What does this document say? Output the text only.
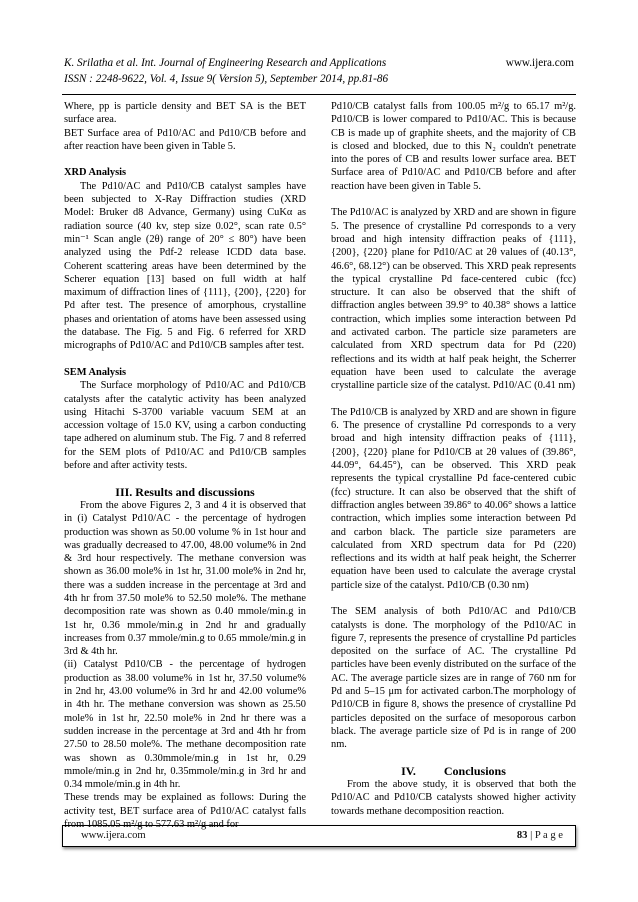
K. Srilatha et al. Int. Journal of Engineering Research and Applications
ISSN : 2248-9622, Vol. 4, Issue 9( Version 5), September 2014, pp.81-86
www.ijera.com

Where, pp is particle density and BET SA is the BET surface area.

BET Surface area of Pd10/AC and Pd10/CB before and after reaction have been given in Table 5.

XRD Analysis

The Pd10/AC and Pd10/CB catalyst samples have been subjected to X-Ray Diffraction studies (XRD Model: Bruker d8 Advance, Germany) using CuKα as radiation source (40 kv, step size 0.02°, scan rate 0.5° min⁻¹ Scan angle (2θ) range of 20° ≤ 80°) have been analyzed using the Pdf-2 release ICDD data base. Coherent scattering areas have been determined by the Scherer equation [13] based on full width at half maximum of diffraction lines of {111}, {200}, {220} for Pd after test. The presence of amorphous, crystalline phases and orientation of atoms have been assessed using the database. The Fig. 5 and Fig. 6 referred for XRD micrographs of Pd10/AC and Pd10/CB samples after test.

SEM Analysis

The Surface morphology of Pd10/AC and Pd10/CB catalysts after the catalytic activity has been analyzed using Hitachi S-3700 variable vacuum SEM at an accession voltage of 15.0 KV, using a carbon conducting tape adhered on aluminum stub. The Fig. 7 and 8 referred for the SEM plots of Pd10/AC and Pd10/CB samples before and after activity tests.

III. Results and discussions

From the above Figures 2, 3 and 4 it is observed that in (i) Catalyst Pd10/AC - the percentage of hydrogen production was shown as 50.00 volume % in 1st hour and was gradually decreased to 47.00, 48.00 volume% in 2nd & 3rd hour respectively. The methane conversion was shown as 36.00 mole% in 1st hr, 31.00 mole% in 2nd hr, there was a sudden increase in the percentage at 3rd and 4th hr from 37.50 mole% to 52.50 mole%. The methane decomposition rate was shown as 0.40 mmole/min.g in 1st hr, 0.36 mmole/min.g in 2nd hr and gradually increases from 0.37 mmole/min.g to 0.65 mmole/min.g in 3rd & 4th hr.

(ii) Catalyst Pd10/CB - the percentage of hydrogen production as 38.00 volume% in 1st hr, 37.50 volume% in 2nd hr, 43.00 volume% in 3rd hr and 42.00 volume% in 4th hr. The methane conversion was shown as 25.50 mole% in 1st hr, 22.50 mole% in 2nd hr there was a sudden increase in the percentage at 3rd and 4th hr from 27.50 to 28.50 mole%. The methane decomposition rate was shown as 0.30mmole/min.g in 1st hr, 0.29 mmole/min.g in 2nd hr, 0.35mmole/min.g in 3rd hr and 0.34 mmole/min.g in 4th hr.

These trends may be explained as follows: During the activity test, BET surface area of Pd10/AC catalyst falls from 1085.05 m²/g to 577.63 m²/g and for

Pd10/CB catalyst falls from 100.05 m²/g to 65.17 m²/g. Pd10/CB is lower compared to Pd10/AC. This is because CB is made up of graphite sheets, and the majority of CB is closed and blocked, due to this N₂ couldn't penetrate into the pores of CB and results lower surface area. BET Surface area of Pd10/AC and Pd10/CB before and after reaction have been given in Table 5.

The Pd10/AC is analyzed by XRD and are shown in figure 5. The presence of crystalline Pd corresponds to a very broad and high intensity diffraction peaks of {111}, {200}, {220} plane for Pd10/AC at 2θ values of (40.13°, 46.6°, 68.12°) can be observed. This XRD peak represents the typical crystalline Pd face-centered cubic (fcc) structure. It can also be observed that the shift of diffraction angles between 39.9° to 40.38° shows a lattice contraction, which implies some interaction between Pd and activated carbon. The particle size parameters are calculated from XRD spectrum data for Pd (220) reflections and its width at half peak height, the Scherrer equation have been used to calculate the average crystalline particle size of the catalyst. Pd10/AC (0.41 nm)

The Pd10/CB is analyzed by XRD and are shown in figure 6. The presence of crystalline Pd corresponds to a very broad and high intensity diffraction peaks of {111}, {200}, {220} plane for Pd10/CB at 2θ values of (39.86°, 44.09°, 64.45°), can be observed. This XRD peak represents the typical crystalline Pd face-centered cubic (fcc) structure. It can also be observed that the shift of diffraction angles between 39.86° to 40.06° shows a lattice contraction, which implies some interaction between Pd and carbon black. The particle size parameters are calculated from XRD spectrum data for Pd (220) reflections and its width at half peak height, the Scherrer equation have been used to calculate the average crystal particle size of the catalyst. Pd10/CB (0.30 nm)

The SEM analysis of both Pd10/AC and Pd10/CB catalysts is done. The morphology of the Pd10/AC in figure 7, represents the presence of crystalline Pd particles deposited on the surface of AC. The crystalline Pd particles have been evenly distributed on the surface of the AC. The average particle sizes are in range of 760 nm for Pd and 5–15 μm for activated carbon.The morphology of Pd10/CB in figure 8, shows the presence of crystalline Pd particles deposited on the surface of mesoporous carbon black. The average particle size of Pd is in range of 200 nm.

IV. Conclusions

From the above study, it is observed that both the Pd10/AC and Pd10/CB catalysts showed higher activity towards methane decomposition reaction.

www.ijera.com	83 | P a g e
